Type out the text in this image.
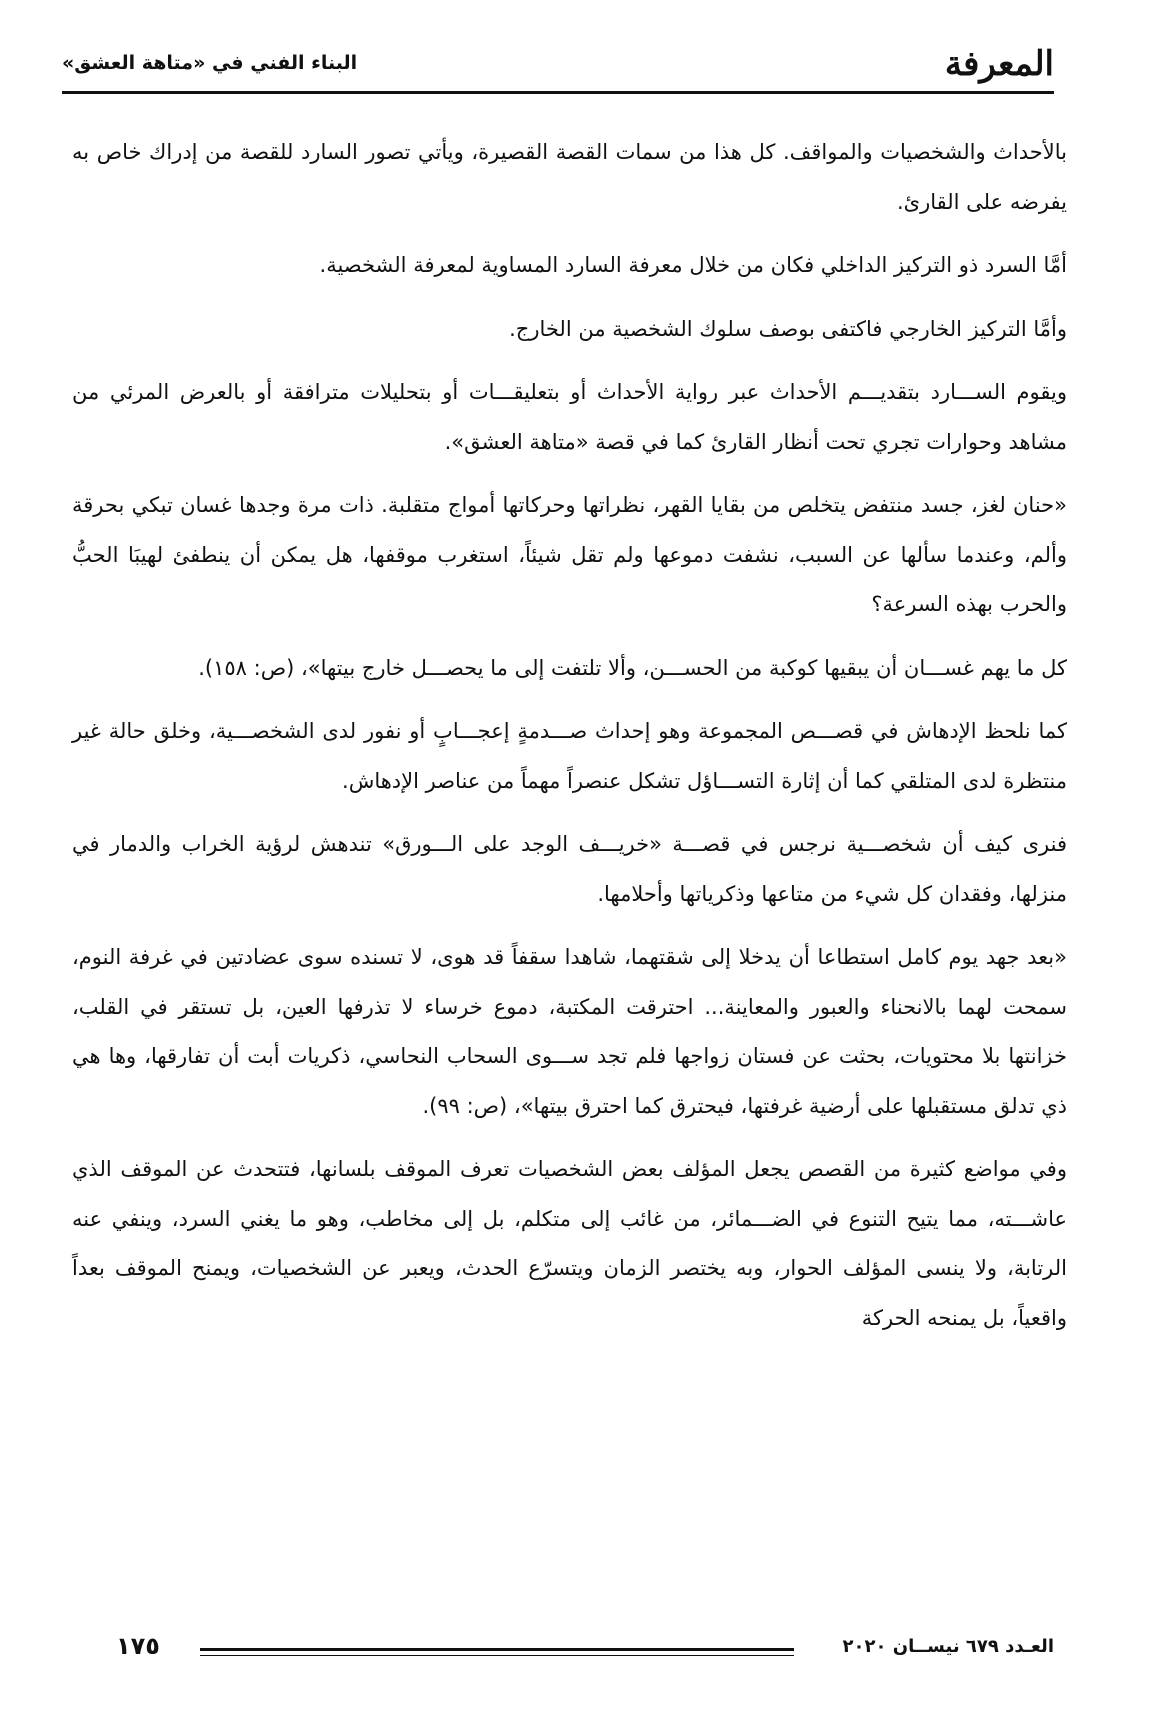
المعرفة
البناء الفني في «متاهة العشق»

بالأحداث والشخصيات والمواقف. كل هذا من سمات القصة القصيرة، ويأتي تصور السارد للقصة من إدراك خاص به يفرضه على القارئ.

أمَّا السرد ذو التركيز الداخلي فكان من خلال معرفة السارد المساوية لمعرفة الشخصية.

وأمَّا التركيز الخارجي فاكتفى بوصف سلوك الشخصية من الخارج.

ويقوم الســـارد بتقديـــم الأحداث عبر رواية الأحداث أو بتعليقـــات أو بتحليلات مترافقة أو بالعرض المرئي من مشاهد وحوارات تجري تحت أنظار القارئ كما في قصة «متاهة العشق».

«حنان لغز، جسد منتفض يتخلص من بقايا القهر، نظراتها وحركاتها أمواج متقلبة. ذات مرة وجدها غسان تبكي بحرقة وألم، وعندما سألها عن السبب، نشفت دموعها ولم تقل شيئاً، استغرب موقفها، هل يمكن أن ينطفئ لهيبَا الحبُّ والحرب بهذه السرعة؟

كل ما يهم غســـان أن يبقيها كوكبة من الحســـن، وألا تلتفت إلى ما يحصـــل خارج بيتها»، (ص: ١٥٨).

كما نلحظ الإدهاش في قصـــص المجموعة وهو إحداث صـــدمةٍ إعجـــابٍ أو نفور لدى الشخصـــية، وخلق حالة غير منتظرة لدى المتلقي كما أن إثارة التســـاؤل تشكل عنصراً مهماً من عناصر الإدهاش.

فنرى كيف أن شخصـــية نرجس في قصـــة «خريـــف الوجد على الـــورق» تندهش لرؤية الخراب والدمار في منزلها، وفقدان كل شيء من متاعها وذكرياتها وأحلامها.

«بعد جهد يوم كامل استطاعا أن يدخلا إلى شقتهما، شاهدا سقفاً قد هوى، لا تسنده سوى عضادتين في غرفة النوم، سمحت لهما بالانحناء والعبور والمعاينة... احترقت المكتبة، دموع خرساء لا تذرفها العين، بل تستقر في القلب، خزانتها بلا محتويات، بحثت عن فستان زواجها فلم تجد ســـوى السحاب النحاسي، ذكريات أبت أن تفارقها، وها هي ذي تدلق مستقبلها على أرضية غرفتها، فيحترق كما احترق بيتها»، (ص: ٩٩).

وفي مواضع كثيرة من القصص يجعل المؤلف بعض الشخصيات تعرف الموقف بلسانها، فتتحدث عن الموقف الذي عاشـــته، مما يتيح التنوع في الضـــمائر، من غائب إلى متكلم، بل إلى مخاطب، وهو ما يغني السرد، وينفي عنه الرتابة، ولا ينسى المؤلف الحوار، وبه يختصر الزمان ويتسرّع الحدث، ويعبر عن الشخصيات، ويمنح الموقف بعداً واقعياً، بل يمنحه الحركة

العـدد ٦٧٩ نيســان ٢٠٢٠
١٧٥
